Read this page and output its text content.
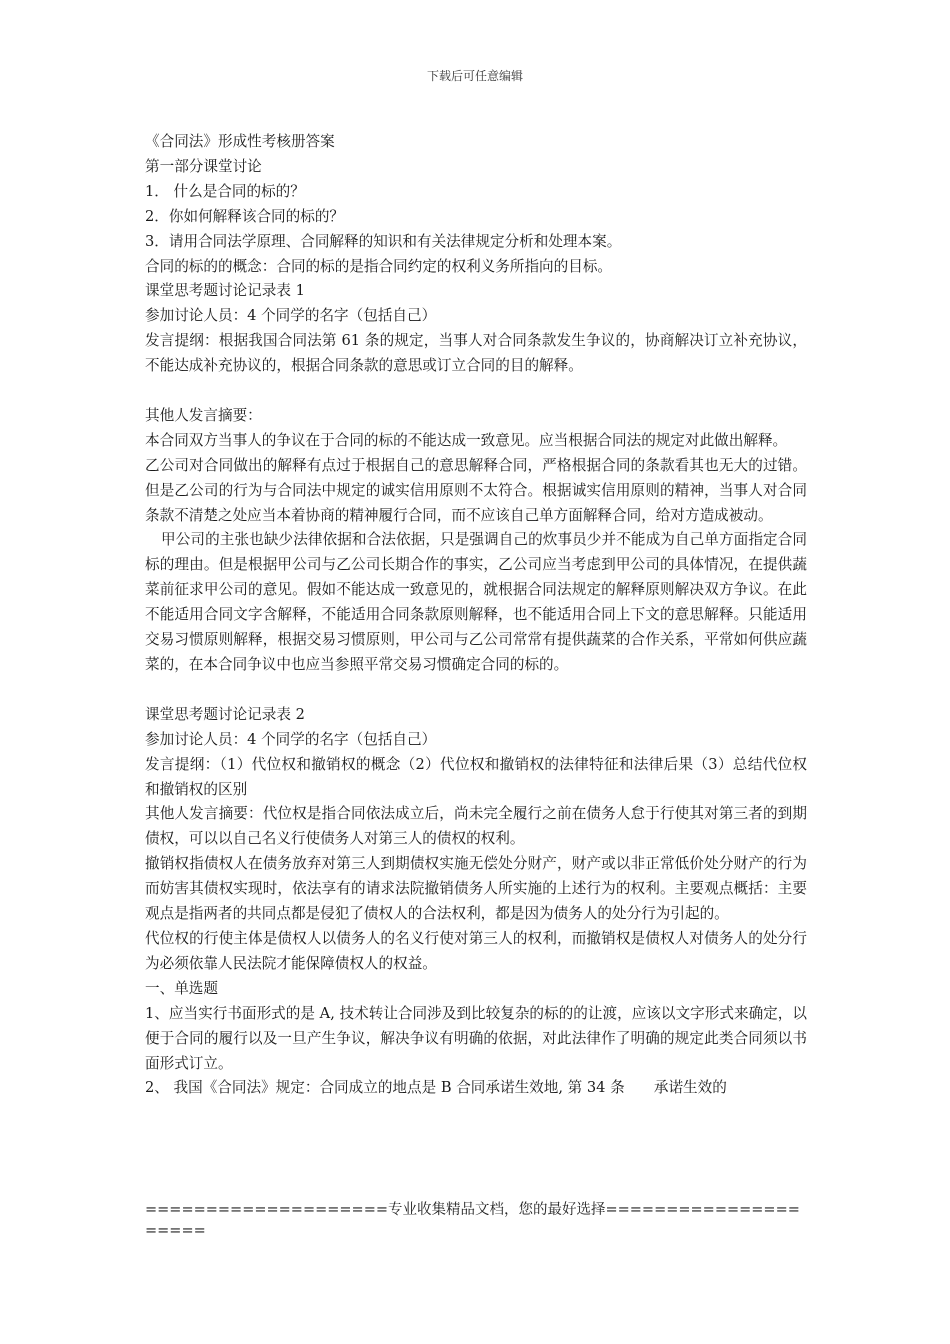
下载后可任意编辑

《合同法》形成性考核册答案

第一部分课堂讨论

1． 什么是合同的标的？

2．你如何解释该合同的标的？

3．请用合同法学原理、合同解释的知识和有关法律规定分析和处理本案。

合同的标的的概念：合同的标的是指合同约定的权利义务所指向的目标。

课堂思考题讨论记录表 1

参加讨论人员：4 个同学的名字（包括自己）

发言提纲：根据我国合同法第 61 条的规定，当事人对合同条款发生争议的，协商解决订立补充协议，不能达成补充协议的，根据合同条款的意思或订立合同的目的解释。

其他人发言摘要：

本合同双方当事人的争议在于合同的标的不能达成一致意见。应当根据合同法的规定对此做出解释。

乙公司对合同做出的解释有点过于根据自己的意思解释合同，严格根据合同的条款看其也无大的过错。但是乙公司的行为与合同法中规定的诚实信用原则不太符合。根据诚实信用原则的精神，当事人对合同条款不清楚之处应当本着协商的精神履行合同，而不应该自己单方面解释合同，给对方造成被动。

甲公司的主张也缺少法律依据和合法依据，只是强调自己的炊事员少并不能成为自己单方面指定合同标的理由。但是根据甲公司与乙公司长期合作的事实，乙公司应当考虑到甲公司的具体情况，在提供蔬菜前征求甲公司的意见。假如不能达成一致意见的，就根据合同法规定的解释原则解决双方争议。在此不能适用合同文字含解释，不能适用合同条款原则解释，也不能适用合同上下文的意思解释。只能适用交易习惯原则解释，根据交易习惯原则，甲公司与乙公司常常有提供蔬菜的合作关系，平常如何供应蔬菜的，在本合同争议中也应当参照平常交易习惯确定合同的标的。

课堂思考题讨论记录表 2

参加讨论人员：4 个同学的名字（包括自己）

发言提纲：（1）代位权和撤销权的概念（2）代位权和撤销权的法律特征和法律后果（3）总结代位权和撤销权的区别

其他人发言摘要：代位权是指合同依法成立后，尚未完全履行之前在债务人怠于行使其对第三者的到期债权，可以以自己名义行使债务人对第三人的债权的权利。

撤销权指债权人在债务放弃对第三人到期债权实施无偿处分财产，财产或以非正常低价处分财产的行为而妨害其债权实现时，依法享有的请求法院撤销债务人所实施的上述行为的权利。主要观点概括：主要观点是指两者的共同点都是侵犯了债权人的合法权利，都是因为债务人的处分行为引起的。

代位权的行使主体是债权人以债务人的名义行使对第三人的权利，而撤销权是债权人对债务人的处分行为必须依靠人民法院才能保障债权人的权益。

一、单选题

1、应当实行书面形式的是 A, 技术转让合同涉及到比较复杂的标的的让渡，应该以文字形式来确定，以便于合同的履行以及一旦产生争议，解决争议有明确的依据，对此法律作了明确的规定此类合同须以书面形式订立。

2、 我国《合同法》规定：合同成立的地点是 B 合同承诺生效地, 第 34 条　　承诺生效的

====================专业收集精品文档，您的最好选择=====================
